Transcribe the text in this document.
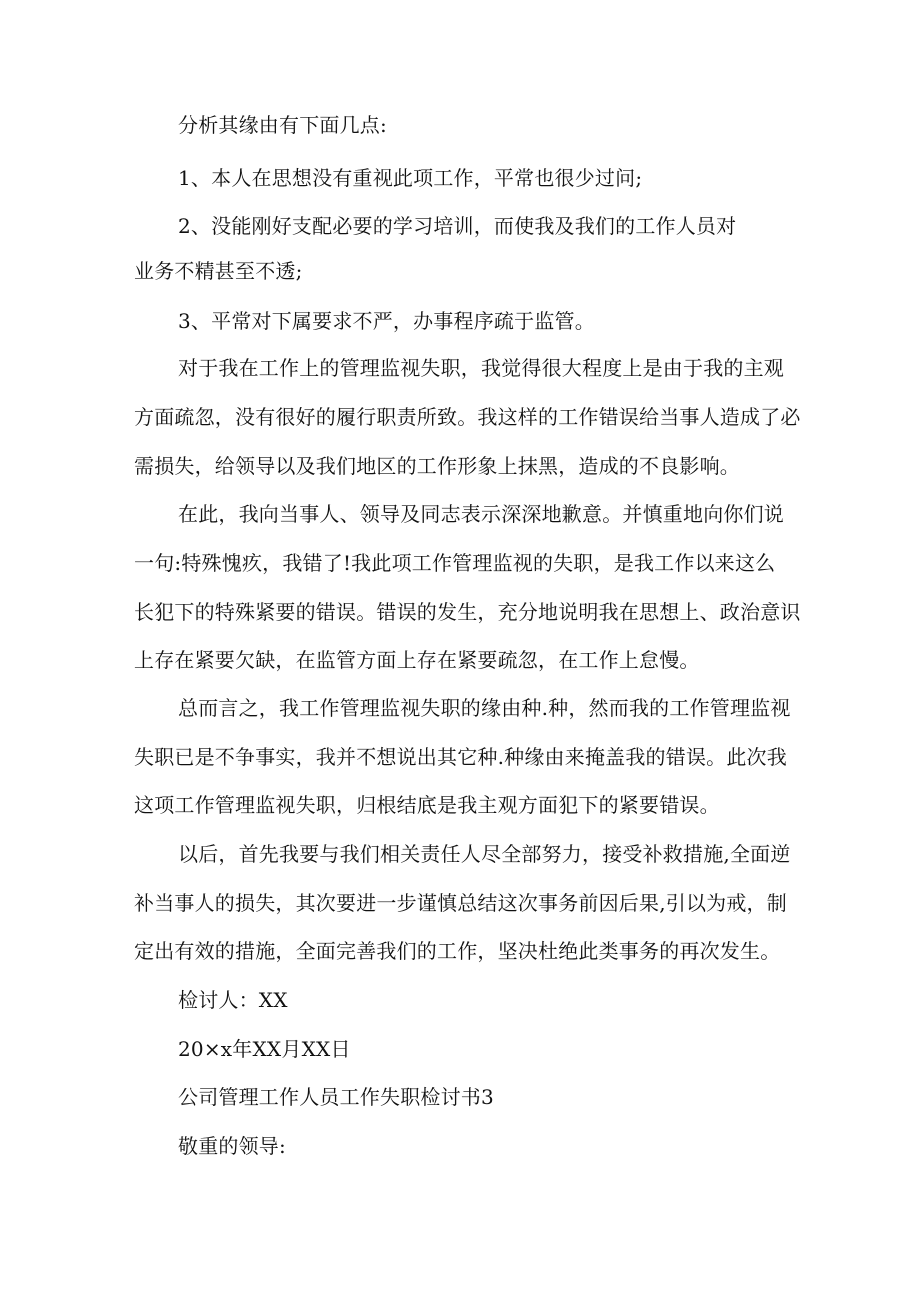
分析其缘由有下面几点:

1、本人在思想没有重视此项工作，平常也很少过问;

2、没能刚好支配必要的学习培训，而使我及我们的工作人员对

业务不精甚至不透;

3、平常对下属要求不严，办事程序疏于监管。

对于我在工作上的管理监视失职，我觉得很大程度上是由于我的主观

方面疏忽，没有很好的履行职责所致。我这样的工作错误给当事人造成了必

需损失，给领导以及我们地区的工作形象上抹黑，造成的不良影响。

在此，我向当事人、领导及同志表示深深地歉意。并慎重地向你们说

一句:特殊愧疚，我错了!我此项工作管理监视的失职，是我工作以来这么

长犯下的特殊紧要的错误。错误的发生，充分地说明我在思想上、政治意识

上存在紧要欠缺，在监管方面上存在紧要疏忽，在工作上怠慢。

总而言之，我工作管理监视失职的缘由种.种，然而我的工作管理监视

失职已是不争事实，我并不想说出其它种.种缘由来掩盖我的错误。此次我

这项工作管理监视失职，归根结底是我主观方面犯下的紧要错误。

以后，首先我要与我们相关责任人尽全部努力，接受补救措施,全面逆

补当事人的损失，其次要进一步谨慎总结这次事务前因后果,引以为戒，制

定出有效的措施，全面完善我们的工作，坚决杜绝此类事务的再次发生。

检讨人：XX

20×x年XX月XX日

公司管理工作人员工作失职检讨书3

敬重的领导:
